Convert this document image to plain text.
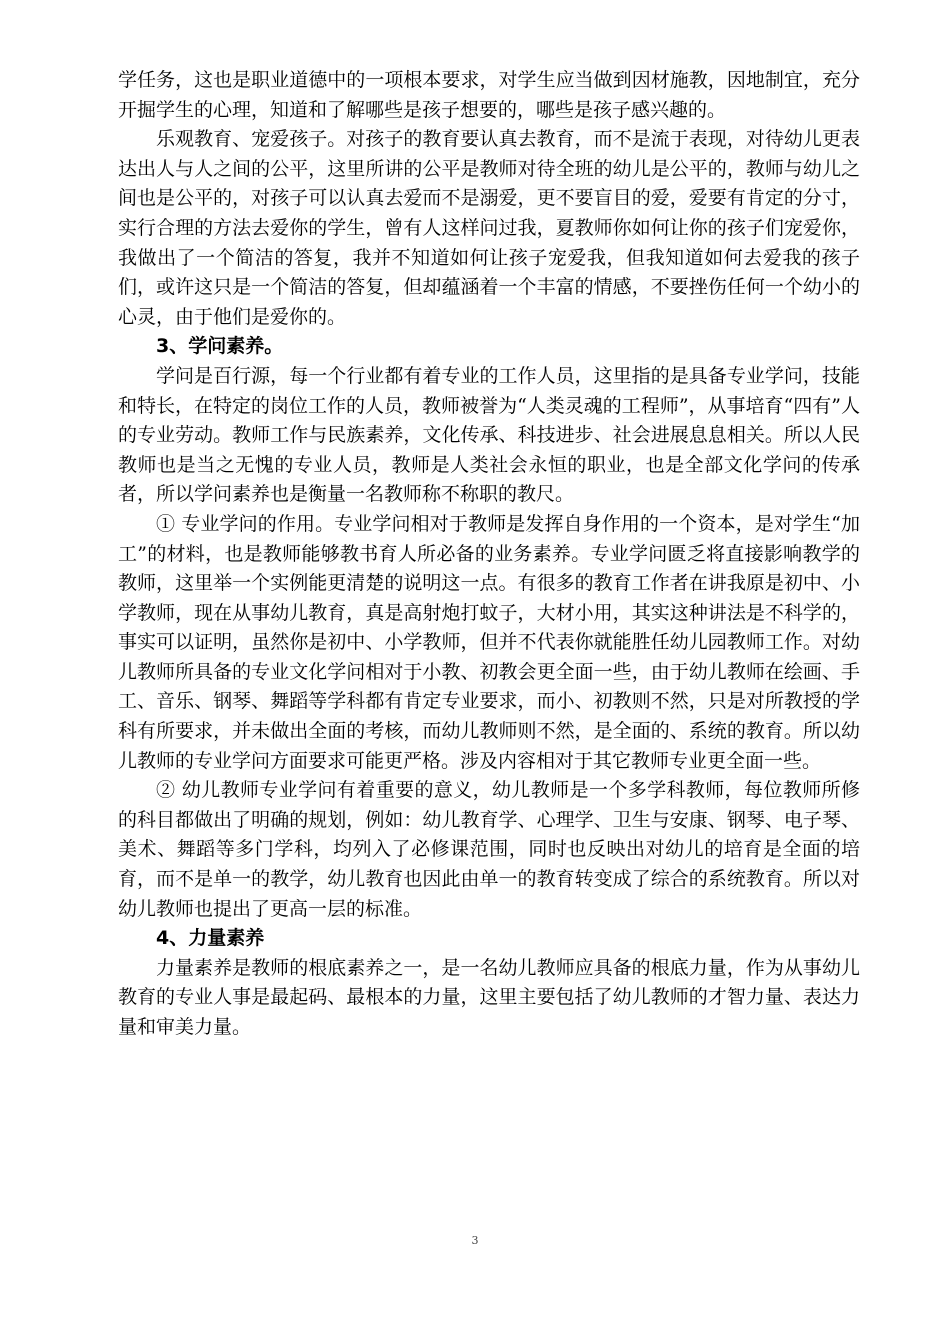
学任务，这也是职业道德中的一项根本要求，对学生应当做到因材施教，因地制宜，充分开掘学生的心理，知道和了解哪些是孩子想要的，哪些是孩子感兴趣的。

乐观教育、宠爱孩子。对孩子的教育要认真去教育，而不是流于表现，对待幼儿更表达出人与人之间的公平，这里所讲的公平是教师对待全班的幼儿是公平的，教师与幼儿之间也是公平的，对孩子可以认真去爱而不是溺爱，更不要盲目的爱，爱要有肯定的分寸，实行合理的方法去爱你的学生，曾有人这样问过我，夏教师你如何让你的孩子们宠爱你，我做出了一个简洁的答复，我并不知道如何让孩子宠爱我，但我知道如何去爱我的孩子们，或许这只是一个简洁的答复，但却蕴涵着一个丰富的情感，不要挫伤任何一个幼小的心灵，由于他们是爱你的。

3、学问素养。

学问是百行源，每一个行业都有着专业的工作人员，这里指的是具备专业学问，技能和特长，在特定的岗位工作的人员，教师被誉为“人类灵魂的工程师”，从事培育“四有”人的专业劳动。教师工作与民族素养，文化传承、科技进步、社会进展息息相关。所以人民教师也是当之无愧的专业人员，教师是人类社会永恒的职业，也是全部文化学问的传承者，所以学问素养也是衡量一名教师称不称职的教尺。

① 专业学问的作用。专业学问相对于教师是发挥自身作用的一个资本，是对学生“加工”的材料，也是教师能够教书育人所必备的业务素养。专业学问匮乏将直接影响教学的教师，这里举一个实例能更清楚的说明这一点。有很多的教育工作者在讲我原是初中、小学教师，现在从事幼儿教育，真是高射炮打蚊子，大材小用，其实这种讲法是不科学的，事实可以证明，虽然你是初中、小学教师，但并不代表你就能胜任幼儿园教师工作。对幼儿教师所具备的专业文化学问相对于小教、初教会更全面一些，由于幼儿教师在绘画、手工、音乐、钢琴、舞蹈等学科都有肯定专业要求，而小、初教则不然，只是对所教授的学科有所要求，并未做出全面的考核，而幼儿教师则不然，是全面的、系统的教育。所以幼儿教师的专业学问方面要求可能更严格。涉及内容相对于其它教师专业更全面一些。

② 幼儿教师专业学问有着重要的意义，幼儿教师是一个多学科教师，每位教师所修的科目都做出了明确的规划，例如：幼儿教育学、心理学、卫生与安康、钢琴、电子琴、美术、舞蹈等多门学科，均列入了必修课范围，同时也反映出对幼儿的培育是全面的培育，而不是单一的教学，幼儿教育也因此由单一的教育转变成了综合的系统教育。所以对幼儿教师也提出了更高一层的标准。

4、力量素养

力量素养是教师的根底素养之一，是一名幼儿教师应具备的根底力量，作为从事幼儿教育的专业人事是最起码、最根本的力量，这里主要包括了幼儿教师的才智力量、表达力量和审美力量。

3
